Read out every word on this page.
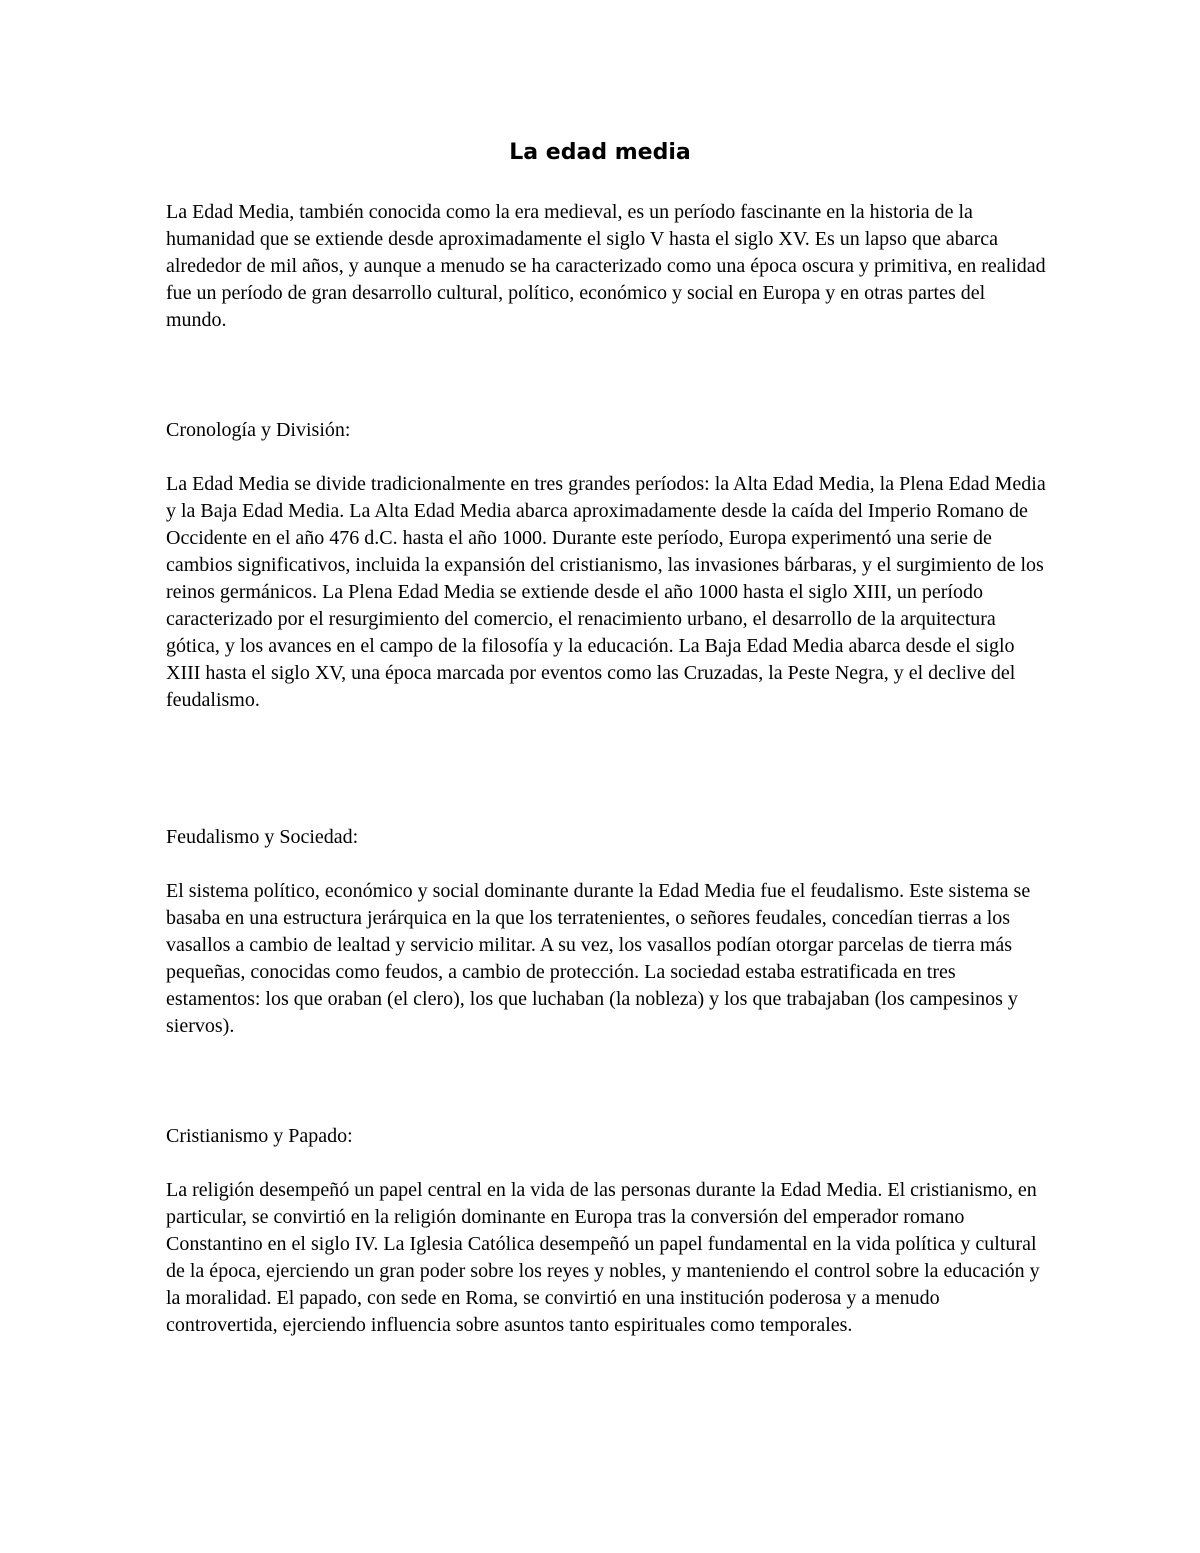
La edad media

La Edad Media, también conocida como la era medieval, es un período fascinante en la historia de la humanidad que se extiende desde aproximadamente el siglo V hasta el siglo XV. Es un lapso que abarca alrededor de mil años, y aunque a menudo se ha caracterizado como una época oscura y primitiva, en realidad fue un período de gran desarrollo cultural, político, económico y social en Europa y en otras partes del mundo.

Cronología y División:

La Edad Media se divide tradicionalmente en tres grandes períodos: la Alta Edad Media, la Plena Edad Media y la Baja Edad Media. La Alta Edad Media abarca aproximadamente desde la caída del Imperio Romano de Occidente en el año 476 d.C. hasta el año 1000. Durante este período, Europa experimentó una serie de cambios significativos, incluida la expansión del cristianismo, las invasiones bárbaras, y el surgimiento de los reinos germánicos. La Plena Edad Media se extiende desde el año 1000 hasta el siglo XIII, un período caracterizado por el resurgimiento del comercio, el renacimiento urbano, el desarrollo de la arquitectura gótica, y los avances en el campo de la filosofía y la educación. La Baja Edad Media abarca desde el siglo XIII hasta el siglo XV, una época marcada por eventos como las Cruzadas, la Peste Negra, y el declive del feudalismo.

Feudalismo y Sociedad:

El sistema político, económico y social dominante durante la Edad Media fue el feudalismo. Este sistema se basaba en una estructura jerárquica en la que los terratenientes, o señores feudales, concedían tierras a los vasallos a cambio de lealtad y servicio militar. A su vez, los vasallos podían otorgar parcelas de tierra más pequeñas, conocidas como feudos, a cambio de protección. La sociedad estaba estratificada en tres estamentos: los que oraban (el clero), los que luchaban (la nobleza) y los que trabajaban (los campesinos y siervos).

Cristianismo y Papado:

La religión desempeñó un papel central en la vida de las personas durante la Edad Media. El cristianismo, en particular, se convirtió en la religión dominante en Europa tras la conversión del emperador romano Constantino en el siglo IV. La Iglesia Católica desempeñó un papel fundamental en la vida política y cultural de la época, ejerciendo un gran poder sobre los reyes y nobles, y manteniendo el control sobre la educación y la moralidad. El papado, con sede en Roma, se convirtió en una institución poderosa y a menudo controvertida, ejerciendo influencia sobre asuntos tanto espirituales como temporales.
